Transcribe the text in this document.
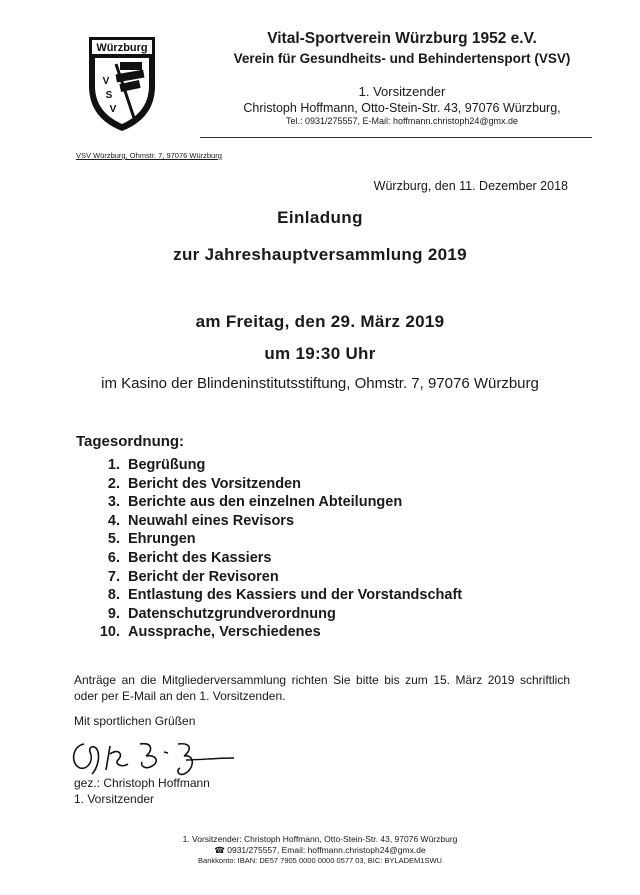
Würzburg
V
S
V
Vital-Sportverein Würzburg 1952 e.V.
Verein für Gesundheits- und Behindertensport (VSV)
1. Vorsitzender
Christoph Hoffmann, Otto-Stein-Str. 43, 97076 Würzburg,
Tel.: 0931/275557, E-Mail: hoffmann.christoph24@gmx.de
VSV Würzburg, Ohmstr. 7, 97076 Würzburg
Würzburg, den 11. Dezember 2018
Einladung
zur Jahreshauptversammlung 2019
am Freitag, den 29. März 2019
um 19:30 Uhr
im Kasino der Blindeninstitutsstiftung, Ohmstr. 7, 97076 Würzburg
Tagesordnung:
1. Begrüßung
2. Bericht des Vorsitzenden
3. Berichte aus den einzelnen Abteilungen
4. Neuwahl eines Revisors
5. Ehrungen
6. Bericht des Kassiers
7. Bericht der Revisoren
8. Entlastung des Kassiers und der Vorstandschaft
9. Datenschutzgrundverordnung
10. Aussprache, Verschiedenes
Anträge an die Mitgliederversammlung richten Sie bitte bis zum 15. März 2019 schriftlich oder per E-Mail an den 1. Vorsitzenden.
Mit sportlichen Grüßen
gez.: Christoph Hoffmann
1. Vorsitzender
1. Vorsitzender: Christoph Hoffmann, Otto-Stein-Str. 43, 97076 Würzburg
☎ 0931/275557, Email: hoffmann.christoph24@gmx.de
Bankkonto: IBAN: DE57 7905 0000 0000 0577 03, BIC: BYLADEM1SWU
